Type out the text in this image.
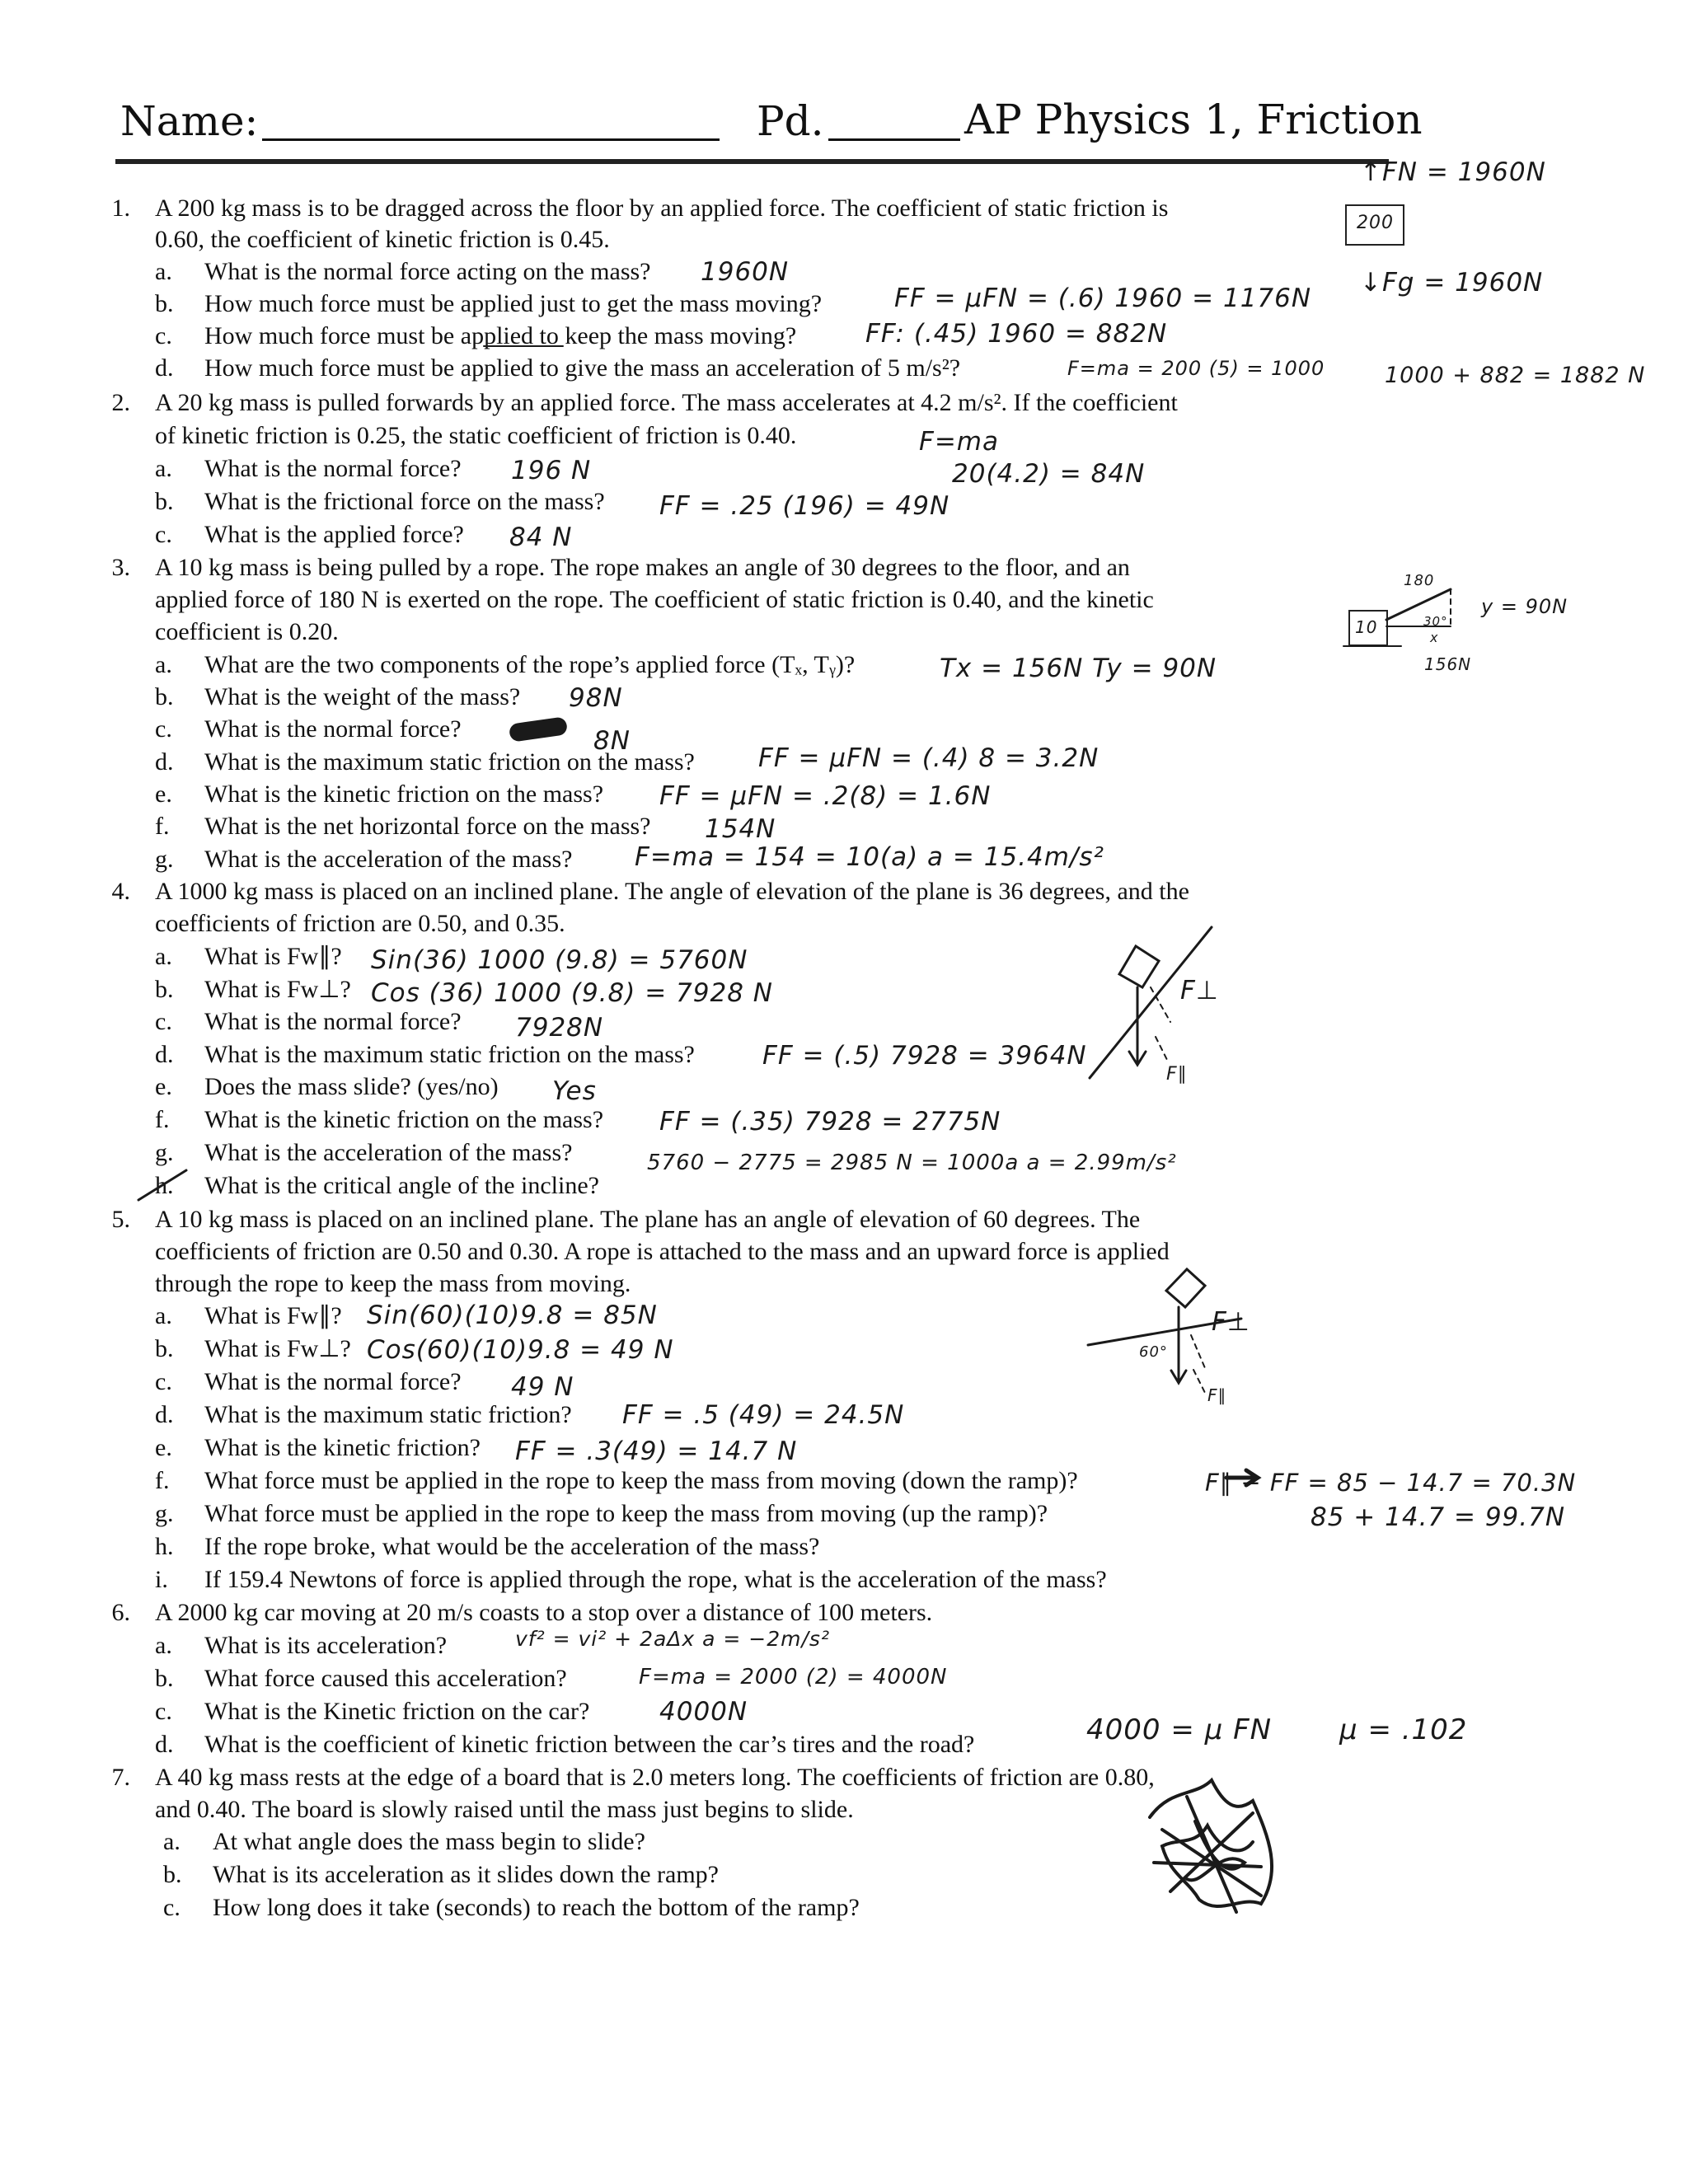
Name:	Pd.	AP Physics 1, Friction
1. A 200 kg mass is to be dragged across the floor by an applied force. The coefficient of static friction is
0.60, the coefficient of kinetic friction is 0.45.
a. What is the normal force acting on the mass? 1960N
b. How much force must be applied just to get the mass moving?	FF = μFN = (.6) 1960 = 1176N
c. How much force must be applied to keep the mass moving?	FF: (.45) 1960 = 882N
d. How much force must be applied to give the mass an acceleration of 5 m/s²?	F=ma = 200 (5) = 1000	1000 + 882 = 1882 N
↑FN = 1960N
200
↓Fg = 1960N
2. A 20 kg mass is pulled forwards by an applied force. The mass accelerates at 4.2 m/s². If the coefficient
of kinetic friction is 0.25, the static coefficient of friction is 0.40.	F=ma
a. What is the normal force? 196 N	20(4.2) = 84N
b. What is the frictional force on the mass? FF = .25 (196) = 49N
c. What is the applied force? 84 N
3. A 10 kg mass is being pulled by a rope. The rope makes an angle of 30 degrees to the floor, and an
applied force of 180 N is exerted on the rope. The coefficient of static friction is 0.40, and the kinetic
coefficient is 0.20.
a. What are the two components of the rope’s applied force (Tₓ, Tᵧ)?	Tx = 156N Ty = 90N
b. What is the weight of the mass? 98N
c. What is the normal force?	8N
d. What is the maximum static friction on the mass? FF = μFN = (.4) 8 = 3.2N
e. What is the kinetic friction on the mass? FF = μFN = .2(8) = 1.6N
f. What is the net horizontal force on the mass? 154N
g. What is the acceleration of the mass? F=ma = 154 = 10(a) a = 15.4m/s²
180
10	30°
x
y = 90N
156N
4. A 1000 kg mass is placed on an inclined plane. The angle of elevation of the plane is 36 degrees, and the
coefficients of friction are 0.50, and 0.35.
a. What is Fw∥? Sin(36) 1000 (9.8) = 5760N
b. What is Fw⊥? Cos (36) 1000 (9.8) = 7928 N
c. What is the normal force? 7928N
d. What is the maximum static friction on the mass?	FF = (.5) 7928 = 3964N
e. Does the mass slide? (yes/no) Yes
f. What is the kinetic friction on the mass? FF = (.35) 7928 = 2775N
g. What is the acceleration of the mass?	5760 − 2775 = 2985 N = 1000a a = 2.99m/s²
h. What is the critical angle of the incline?
F⊥
F∥
5. A 10 kg mass is placed on an inclined plane. The plane has an angle of elevation of 60 degrees. The
coefficients of friction are 0.50 and 0.30. A rope is attached to the mass and an upward force is applied
through the rope to keep the mass from moving.
a. What is Fw∥? Sin(60)(10)9.8 = 85N
b. What is Fw⊥? Cos(60)(10)9.8 = 49 N
c. What is the normal force? 49 N
d. What is the maximum static friction? FF = .5 (49) = 24.5N
e. What is the kinetic friction? FF = .3(49) = 14.7 N
f. What force must be applied in the rope to keep the mass from moving (down the ramp)?	F∥ − FF = 85 − 14.7 = 70.3N
g. What force must be applied in the rope to keep the mass from moving (up the ramp)?	85 + 14.7 = 99.7N
h. If the rope broke, what would be the acceleration of the mass?
i. If 159.4 Newtons of force is applied through the rope, what is the acceleration of the mass?
60°
F⊥
F∥
6. A 2000 kg car moving at 20 m/s coasts to a stop over a distance of 100 meters.
a. What is its acceleration?	vf² = vi² + 2aΔx a = −2m/s²
b. What force caused this acceleration?	F=ma = 2000 (2) = 4000N
c. What is the Kinetic friction on the car?	4000N
d. What is the coefficient of kinetic friction between the car’s tires and the road?	4000 = μ FN μ = .102
7. A 40 kg mass rests at the edge of a board that is 2.0 meters long. The coefficients of friction are 0.80,
and 0.40. The board is slowly raised until the mass just begins to slide.
a. At what angle does the mass begin to slide?
b. What is its acceleration as it slides down the ramp?
c. How long does it take (seconds) to reach the bottom of the ramp?
